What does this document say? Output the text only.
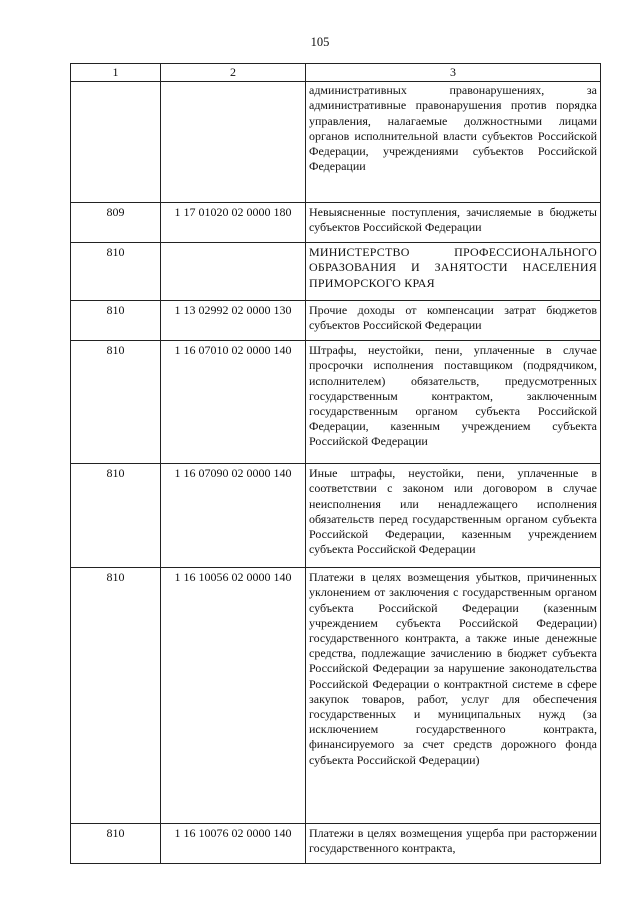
105
1	2	3
		административных правонарушениях, за административные правонарушения против порядка управления, налагаемые должностными лицами органов исполнительной власти субъектов Российской Федерации, учреждениями субъектов Российской Федерации
809	1 17 01020 02 0000 180	Невыясненные поступления, зачисляемые в бюджеты субъектов Российской Федерации
810		МИНИСТЕРСТВО ПРОФЕССИОНАЛЬНОГО ОБРАЗОВАНИЯ И ЗАНЯТОСТИ НАСЕЛЕНИЯ ПРИМОРСКОГО КРАЯ
810	1 13 02992 02 0000 130	Прочие доходы от компенсации затрат бюджетов субъектов Российской Федерации
810	1 16 07010 02 0000 140	Штрафы, неустойки, пени, уплаченные в случае просрочки исполнения поставщиком (подрядчиком, исполнителем) обязательств, предусмотренных государственным контрактом, заключенным государственным органом субъекта Российской Федерации, казенным учреждением субъекта Российской Федерации
810	1 16 07090 02 0000 140	Иные штрафы, неустойки, пени, уплаченные в соответствии с законом или договором в случае неисполнения или ненадлежащего исполнения обязательств перед государственным органом субъекта Российской Федерации, казенным учреждением субъекта Российской Федерации
810	1 16 10056 02 0000 140	Платежи в целях возмещения убытков, причиненных уклонением от заключения с государственным органом субъекта Российской Федерации (казенным учреждением субъекта Российской Федерации) государственного контракта, а также иные денежные средства, подлежащие зачислению в бюджет субъекта Российской Федерации за нарушение законодательства Российской Федерации о контрактной системе в сфере закупок товаров, работ, услуг для обеспечения государственных и муниципальных нужд (за исключением государственного контракта, финансируемого за счет средств дорожного фонда субъекта Российской Федерации)
810	1 16 10076 02 0000 140	Платежи в целях возмещения ущерба при расторжении государственного контракта,
